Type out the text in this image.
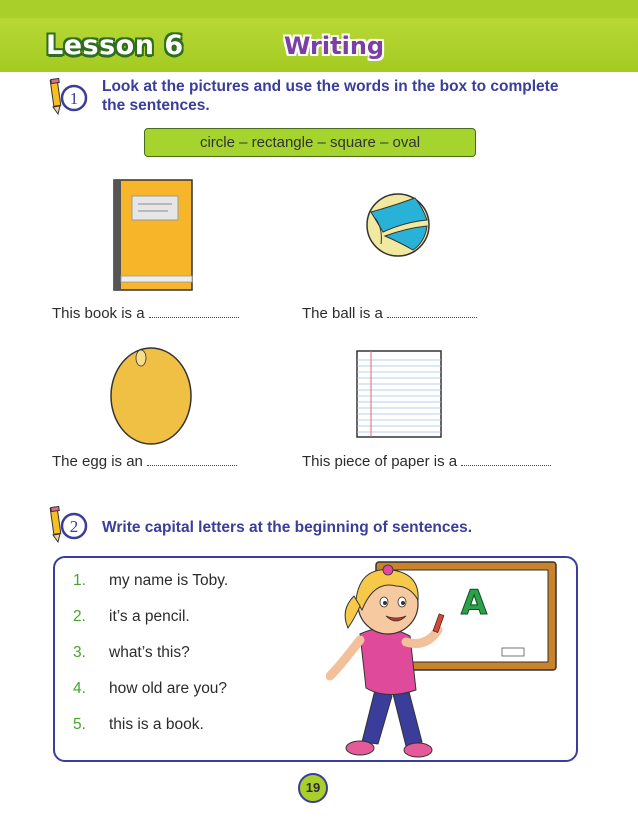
Lesson 6	Writing
1
Look at the pictures and use the words in the box to complete
the sentences.
circle – rectangle – square – oval
This book is a	The ball is a
The egg is an	This piece of paper is a
2 Write capital letters at the beginning of sentences.
1. my name is Toby.
2. it’s a pencil.
3. what’s this?
4. how old are you?
5. this is a book.
A
19
